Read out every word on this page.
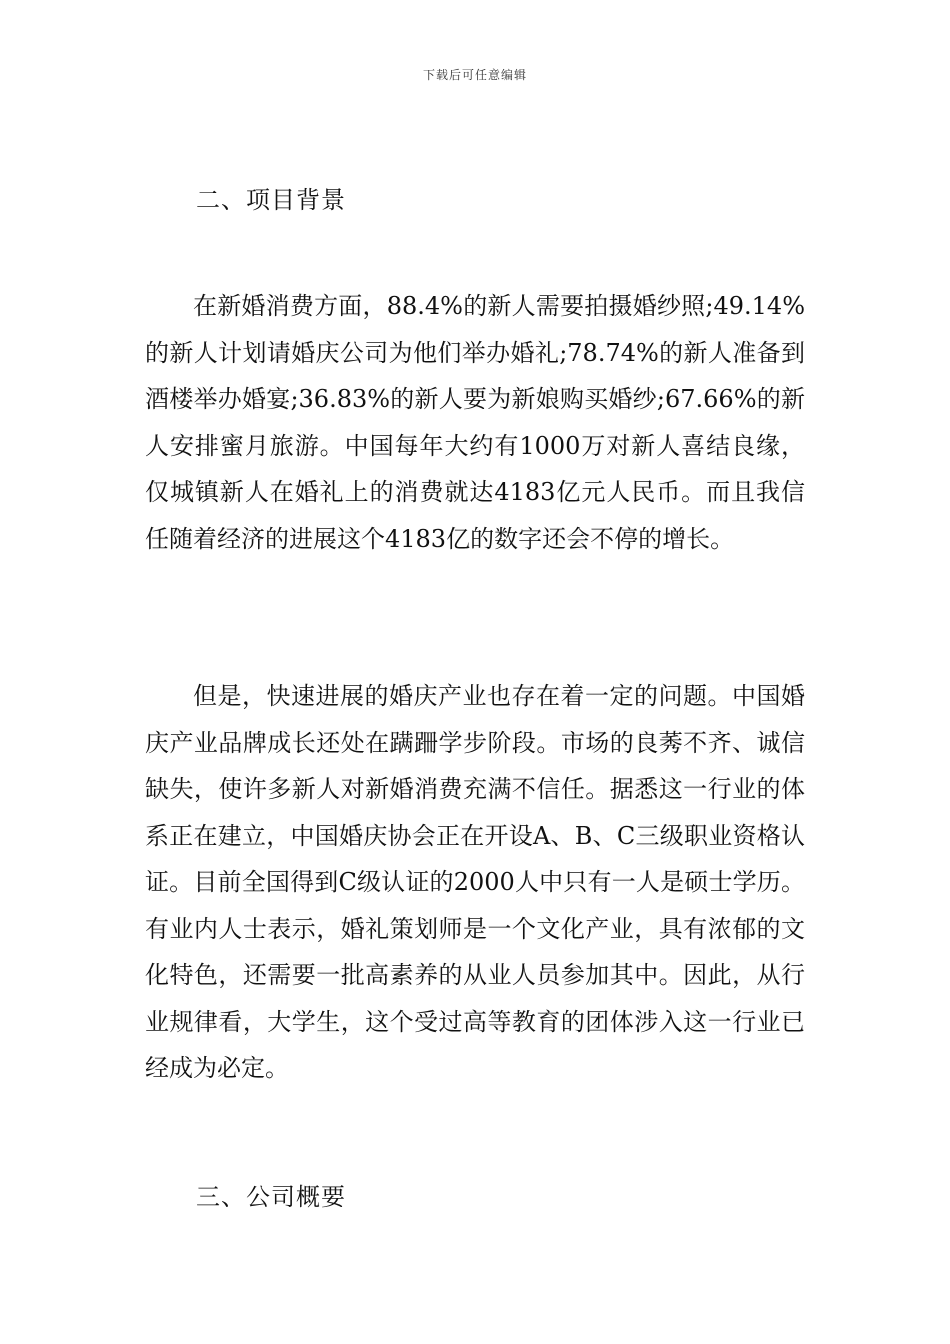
下载后可任意编辑
二、项目背景

在新婚消费方面，88.4%的新人需要拍摄婚纱照;49.14%的新人计划请婚庆公司为他们举办婚礼;78.74%的新人准备到酒楼举办婚宴;36.83%的新人要为新娘购买婚纱;67.66%的新人安排蜜月旅游。中国每年大约有1000万对新人喜结良缘，仅城镇新人在婚礼上的消费就达4183亿元人民币。而且我信任随着经济的进展这个4183亿的数字还会不停的增长。

但是，快速进展的婚庆产业也存在着一定的问题。中国婚庆产业品牌成长还处在蹒跚学步阶段。市场的良莠不齐、诚信缺失，使许多新人对新婚消费充满不信任。据悉这一行业的体系正在建立，中国婚庆协会正在开设A、B、C三级职业资格认证。目前全国得到C级认证的2000人中只有一人是硕士学历。有业内人士表示，婚礼策划师是一个文化产业，具有浓郁的文化特色，还需要一批高素养的从业人员参加其中。因此，从行业规律看，大学生，这个受过高等教育的团体涉入这一行业已经成为必定。

三、公司概要
